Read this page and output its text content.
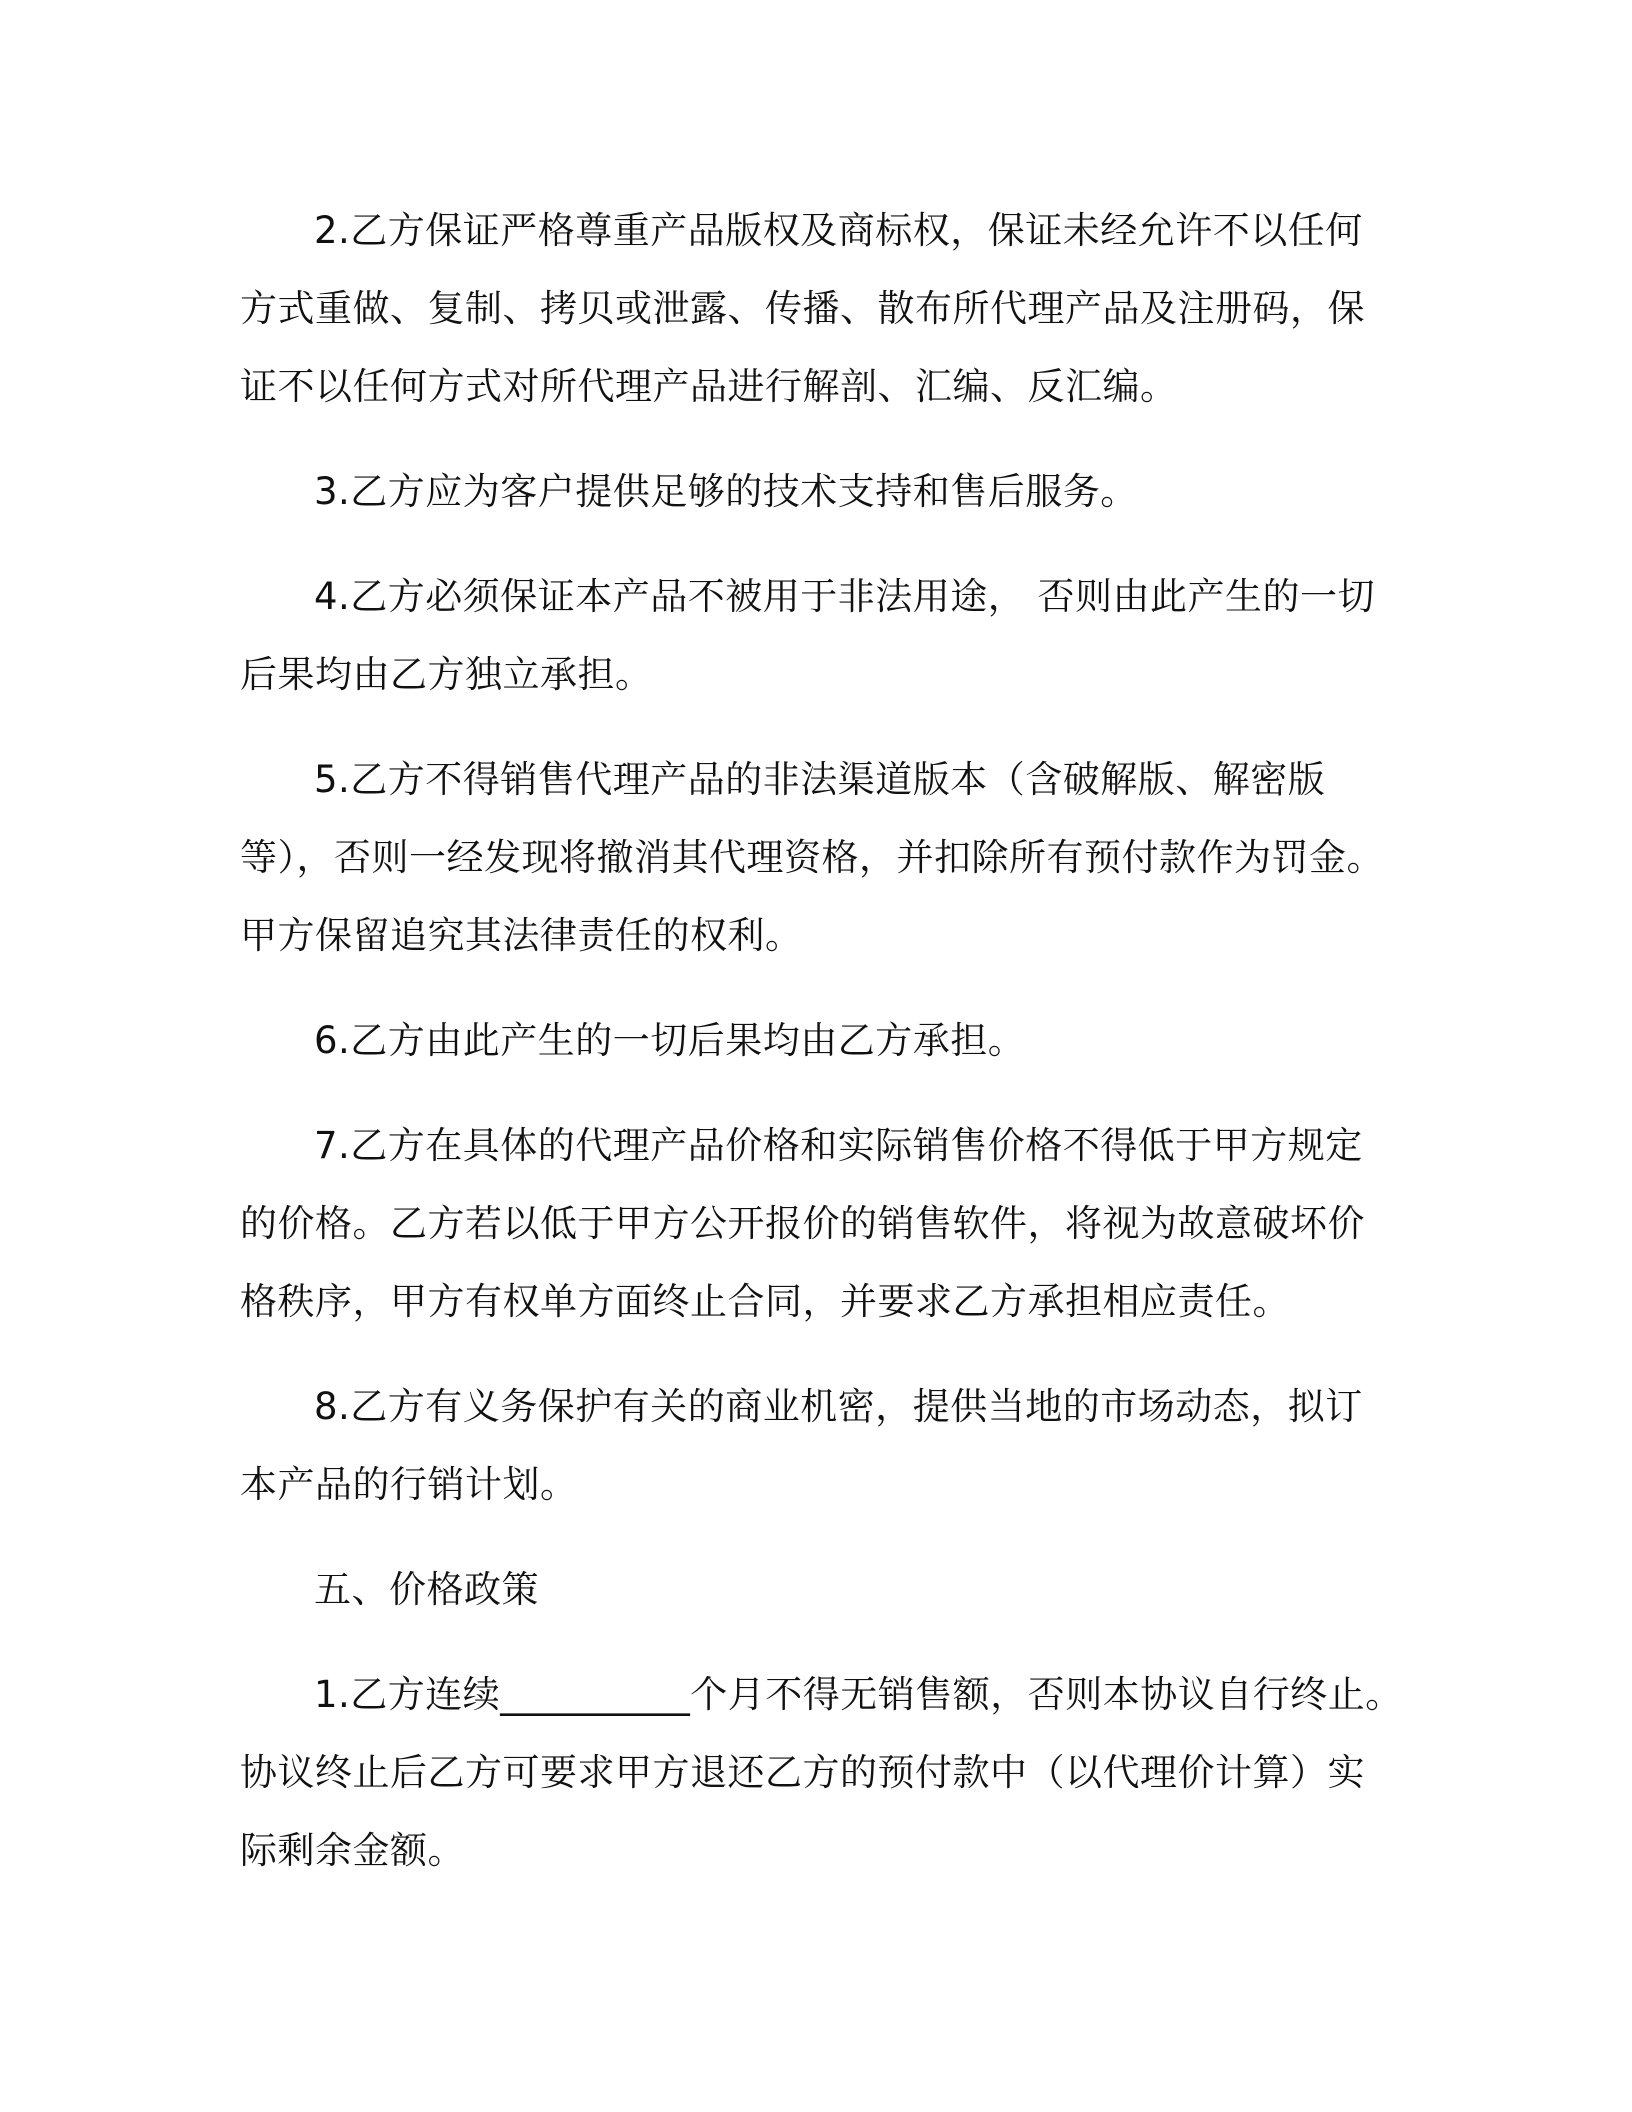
2.乙方保证严格尊重产品版权及商标权，保证未经允许不以任何
方式重做、复制、拷贝或泄露、传播、散布所代理产品及注册码，保
证不以任何方式对所代理产品进行解剖、汇编、反汇编。

3.乙方应为客户提供足够的技术支持和售后服务。

4.乙方必须保证本产品不被用于非法用途， 否则由此产生的一切
后果均由乙方独立承担。

5.乙方不得销售代理产品的非法渠道版本（含破解版、解密版
等），否则一经发现将撤消其代理资格，并扣除所有预付款作为罚金。
甲方保留追究其法律责任的权利。

6.乙方由此产生的一切后果均由乙方承担。

7.乙方在具体的代理产品价格和实际销售价格不得低于甲方规定
的价格。乙方若以低于甲方公开报价的销售软件，将视为故意破坏价
格秩序，甲方有权单方面终止合同，并要求乙方承担相应责任。

8.乙方有义务保护有关的商业机密，提供当地的市场动态，拟订
本产品的行销计划。

五、价格政策

1.乙方连续__________个月不得无销售额，否则本协议自行终止。
协议终止后乙方可要求甲方退还乙方的预付款中（以代理价计算）实
际剩余金额。
